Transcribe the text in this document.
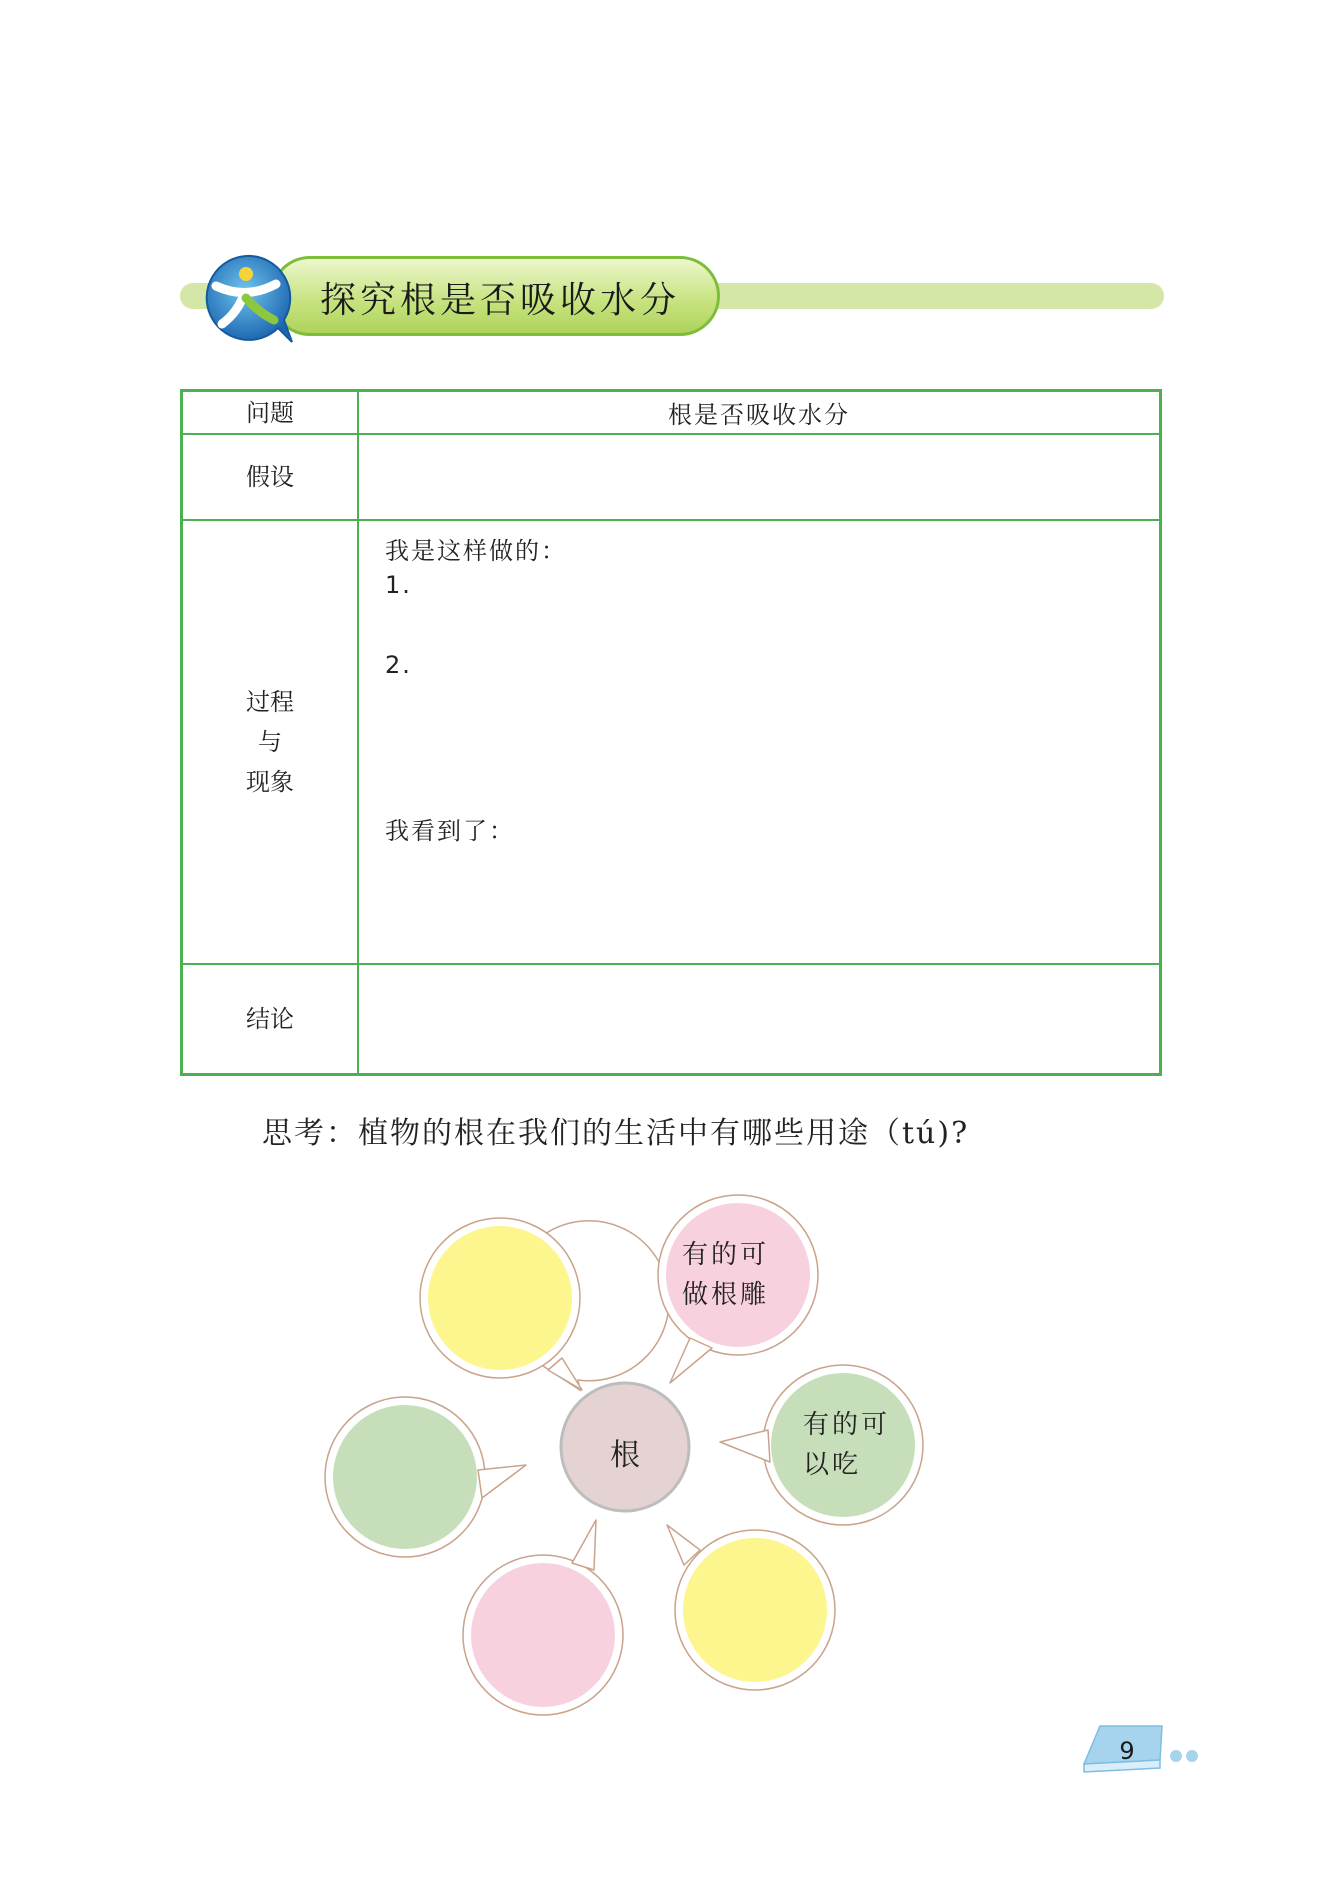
探究根是否吸收水分
问题	根是否吸收水分
假设
过程
与
现象
我是这样做的：
1.
2.
我看到了：
结论
思考：植物的根在我们的生活中有哪些用途（tú)?
根
有的可
做根雕
有的可
以吃
9
